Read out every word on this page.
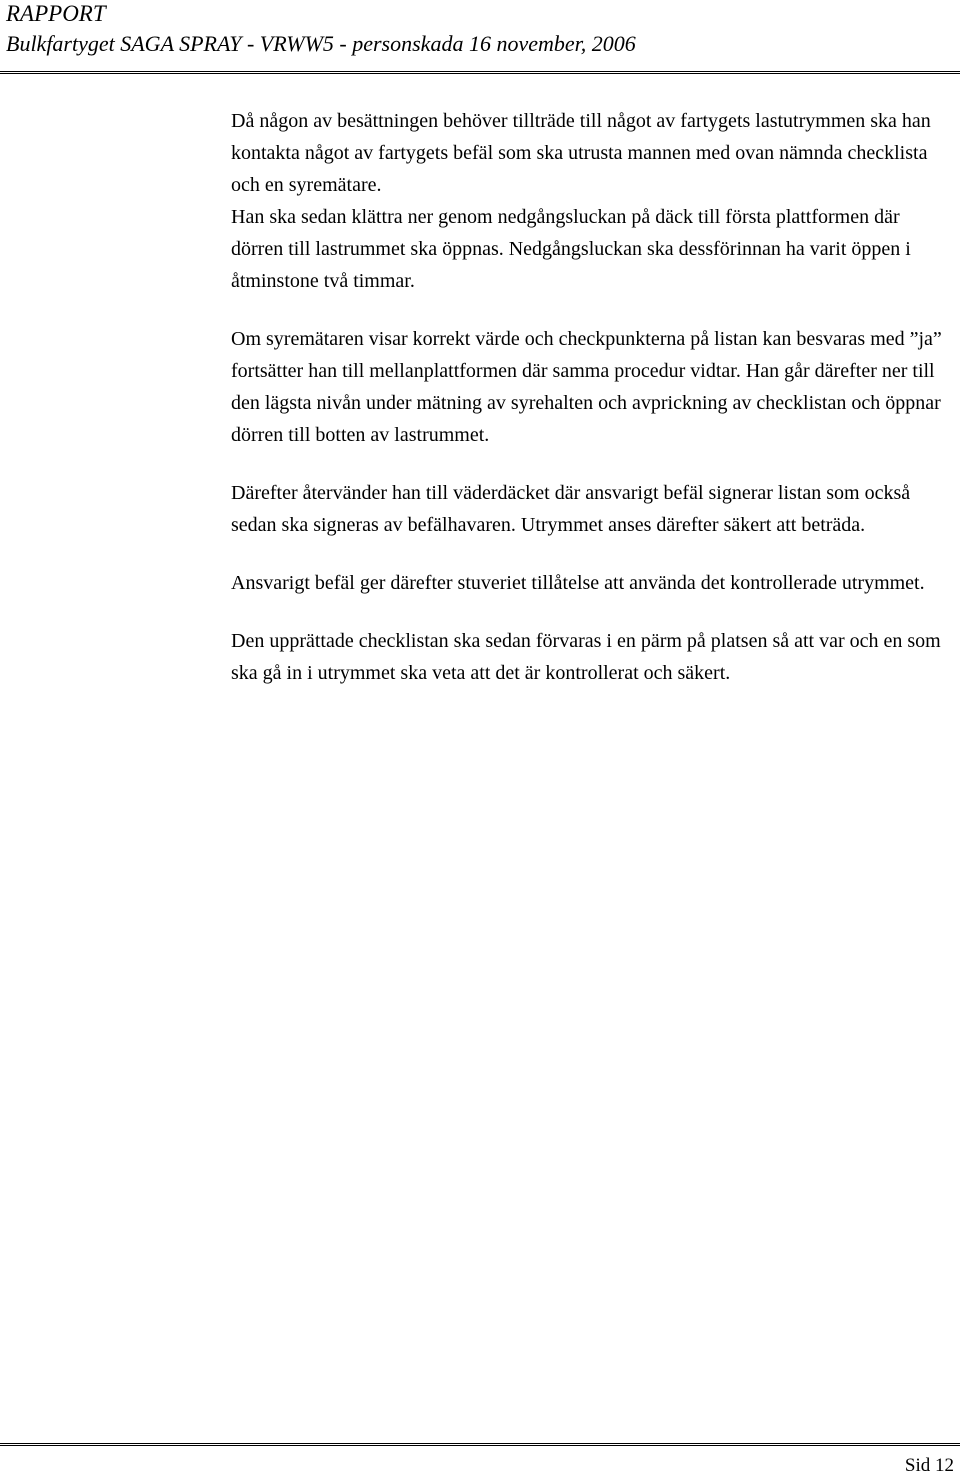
RAPPORT

Bulkfartyget SAGA SPRAY - VRWW5 - personskada 16 november, 2006

Då någon av besättningen behöver tillträde till något av fartygets lastutrymmen ska han kontakta något av fartygets befäl som ska utrusta mannen med ovan nämnda checklista och en syremätare.

Han ska sedan klättra ner genom nedgångsluckan på däck till första plattformen där dörren till lastrummet ska öppnas. Nedgångsluckan ska dessförinnan ha varit öppen i åtminstone två timmar.

Om syremätaren visar korrekt värde och checkpunkterna på listan kan besvaras med ”ja” fortsätter han till mellanplattformen där samma procedur vidtar. Han går därefter ner till den lägsta nivån under mätning av syrehalten och avprickning av checklistan och öppnar dörren till botten av lastrummet.

Därefter återvänder han till väderdäcket där ansvarigt befäl signerar listan som också sedan ska signeras av befälhavaren. Utrymmet anses därefter säkert att beträda.

Ansvarigt befäl ger därefter stuveriet tillåtelse att använda det kontrollerade utrymmet.

Den upprättade checklistan ska sedan förvaras i en pärm på platsen så att var och en som ska gå in i utrymmet ska veta att det är kontrollerat och säkert.

Sid 12
